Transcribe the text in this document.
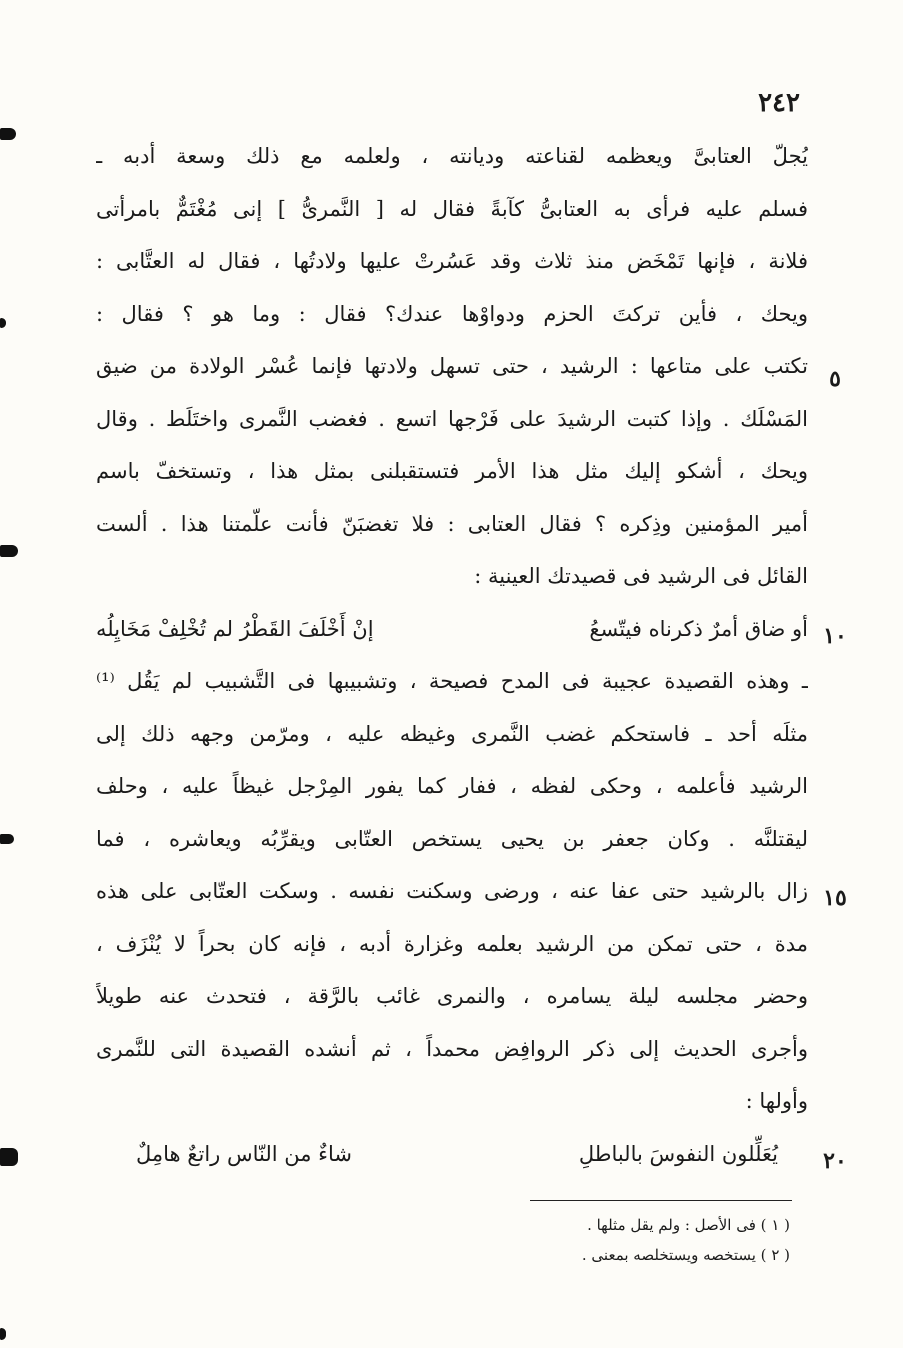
٢٤٢
يُجلّ العتابىَّ ويعظمه لقناعته وديانته ، ولعلمه مع ذلك وسعة أدبه ـ
فسلم عليه فرأى به العتابىُّ كآبةً فقال له [ النَّمرىُّ ] إنى مُغْتَمٌّ بامرأتى
فلانة ، فإنها تَمْخَض منذ ثلاث وقد عَسُرتْ عليها ولادتُها ، فقال له العتَّابى :
ويحك ، فأين تركتَ الحزم ودواوْها عندك؟ فقال : وما هو ؟ فقال :
تكتب على متاعها : الرشيد ، حتى تسهل ولادتها فإنما عُسْر الولادة من ضيق
المَسْلَك . وإذا كتبت الرشيدَ على فَرْجها اتسع . فغضب النَّمرى واختَلَط . وقال
ويحك ، أشكو إليك مثل هذا الأمر فتستقبلنى بمثل هذا ، وتستخفّ باسم
أمير المؤمنين وذِكره ؟ فقال العتابى : فلا تغضبَنّ فأنت علّمتنا هذا . ألست
القائل فى الرشيد فى قصيدتك العينية :
إنْ أَخْلَفَ القَطْرُ لم تُخْلِفْ مَخَايِلُه	أو ضاق أمرٌ ذكرناه فيتّسعُ
ـ وهذه القصيدة عجيبة فى المدح فصيحة ، وتشبيبها فى التَّشبيب لم يَقُل ⁽¹⁾
مثلَه أحد ـ فاستحكم غضب النَّمرى وغيظه عليه ، ومرّمن وجهه ذلك إلى
الرشيد فأعلمه ، وحكى لفظه ، ففار كما يفور المِرْجل غيظاً عليه ، وحلف
ليقتلنَّه . وكان جعفر بن يحيى يستخص العتّابى ويقرِّبُه ويعاشره ، فما
زال بالرشيد حتى عفا عنه ، ورضى وسكنت نفسه . وسكت العتّابى على هذه
مدة ، حتى تمكن من الرشيد بعلمه وغزارة أدبه ، فإنه كان بحراً لا يُنْزَف ،
وحضر مجلسه ليلة يسامره ، والنمرى غائب بالرَّقة ، فتحدث عنه طويلاً
وأجرى الحديث إلى ذكر الروافِض محمداً ، ثم أنشده القصيدة التى للنَّمرى
وأولها :
شاءٌ من النّاس راتعٌ هامِلٌ	يُعَلِّلون النفوسَ بالباطلِ
٥
١٠
١٥
٢٠
( ١ ) فى الأصل : ولم يقل مثلها .
( ٢ ) يستخصه ويستخلصه بمعنى .
